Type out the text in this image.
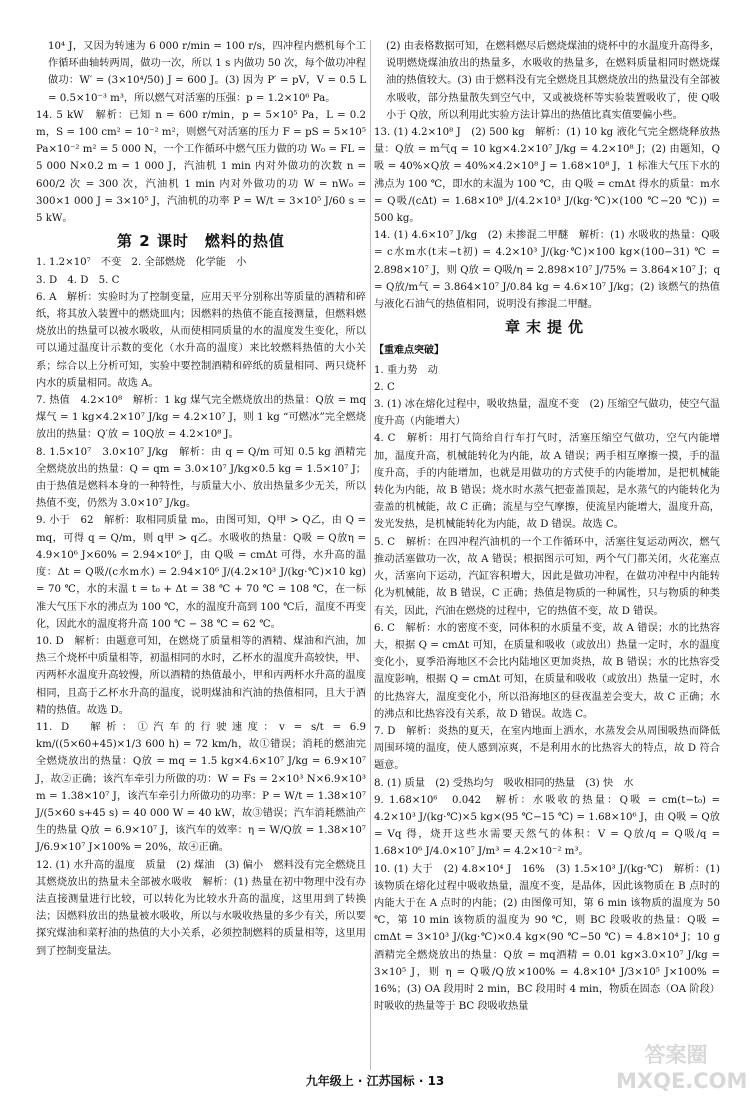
10⁴ J，又因为转速为 6 000 r/min = 100 r/s，四冲程内燃机每个工作循环曲轴转两周，做功一次，所以 1 s 内做功 50 次，每个做功冲程做功：W′ = (3×10⁴/50) J = 600 J。(3) 因为 P′ = pV，V = 0.5 L = 0.5×10⁻³ m³，所以燃气对活塞的压强：p = 1.2×10⁶ Pa。

14. 5 kW　解析：已知 n = 600 r/min，p = 5×10⁵ Pa，L = 0.2 m，S = 100 cm² = 10⁻² m²，则燃气对活塞的压力 F = pS = 5×10⁵ Pa×10⁻² m² = 5 000 N，一个工作循环中燃气压力做的功 W₀ = FL = 5 000 N×0.2 m = 1 000 J，汽油机 1 min 内对外做功的次数 n = 600/2 次 = 300 次，汽油机 1 min 内对外做功的功 W = nW₀ = 300×1 000 J = 3×10⁵ J，汽油机的功率 P = W/t = 3×10⁵ J/60 s = 5 kW。

第 2 课时　燃料的热值

1. 1.2×10⁷　不变　2. 全部燃烧　化学能　小

3. D　4. D　5. C

6. A　解析：实验时为了控制变量，应用天平分别称出等质量的酒精和碎纸，将其放入装置中的燃烧皿内；因燃料的热值不能直接测量，但燃料燃烧放出的热量可以被水吸收，从而使相同质量的水的温度发生变化，所以可以通过温度计示数的变化（水升高的温度）来比较燃料热值的大小关系；综合以上分析可知，实验中要控制酒精和碎纸的质量相同、两只烧杯内水的质量相同。故选 A。

7. 热值　4.2×10⁸　解析：1 kg 煤气完全燃烧放出的热量：Q放 = mq煤气 = 1 kg×4.2×10⁷ J/kg = 4.2×10⁷ J，则 1 kg “可燃冰”完全燃烧放出的热量：Q′放 = 10Q放 = 4.2×10⁸ J。

8. 1.5×10⁷　3.0×10⁷ J/kg　解析：由 q = Q/m 可知 0.5 kg 酒精完全燃烧放出的热量：Q = qm = 3.0×10⁷ J/kg×0.5 kg = 1.5×10⁷ J；由于热值是燃料本身的一种特性，与质量大小、放出热量多少无关，所以热值不变，仍然为 3.0×10⁷ J/kg。

9. 小于　62　解析：取相同质量 m₀，由图可知，Q甲 > Q乙，由 Q = mq，可得 q = Q/m，则 q甲 > q乙。水吸收的热量：Q吸 = Q放η = 4.9×10⁶ J×60% = 2.94×10⁶ J，由 Q吸 = cmΔt 可得，水升高的温度：Δt = Q吸/(c水m水) = 2.94×10⁶ J/(4.2×10³ J/(kg·℃)×10 kg) = 70 ℃，水的末温 t = t₀ + Δt = 38 ℃ + 70 ℃ = 108 ℃，在一标准大气压下水的沸点为 100 ℃，水的温度升高到 100 ℃后，温度不再变化，因此水的温度将升高 100 ℃ − 38 ℃ = 62 ℃。

10. D　解析：由题意可知，在燃烧了质量相等的酒精、煤油和汽油，加热三个烧杯中质量相等，初温相同的水时，乙杯水的温度升高较快，甲、丙两杯水温度升高较慢，所以酒精的热值最小，甲和丙两杯水升高的温度相同，且高于乙杯水升高的温度，说明煤油和汽油的热值相同，且大于酒精的热值。故选 D。

11. D　解析：①汽车的行驶速度：v = s/t = 6.9 km/((5×60+45)×1/3 600 h) = 72 km/h，故①错误；消耗的燃油完全燃烧放出的热量：Q放 = mq = 1.5 kg×4.6×10⁷ J/kg = 6.9×10⁷ J，故②正确；该汽车牵引力所做的功：W = Fs = 2×10³ N×6.9×10³ m = 1.38×10⁷ J，该汽车牵引力所做功的功率：P = W/t = 1.38×10⁷ J/(5×60 s+45 s) = 40 000 W = 40 kW，故③错误；汽车消耗燃油产生的热量 Q放 = 6.9×10⁷ J，该汽车的效率：η = W/Q放 = 1.38×10⁷ J/6.9×10⁷ J×100% = 20%，故④正确。

12. (1) 水升高的温度　质量　(2) 煤油　(3) 偏小　燃料没有完全燃烧且其燃烧放出的热量未全部被水吸收　解析：(1) 热量在初中物理中没有办法直接测量进行比较，可以转化为比较水升高的温度，这里用到了转换法；因燃料放出的热量被水吸收，所以与水吸收热量的多少有关，所以要探究煤油和菜籽油的热值的大小关系，必须控制燃料的质量相等，这里用到了控制变量法。

(2) 由表格数据可知，在燃料燃尽后燃烧煤油的烧杯中的水温度升高得多，说明燃烧煤油放出的热量多，水吸收的热量多，在燃料质量相同时燃烧煤油的热值较大。(3) 由于燃料没有完全燃烧且其燃烧放出的热量没有全部被水吸收，部分热量散失到空气中，又或被烧杯等实验装置吸收了，使 Q吸 小于 Q放，所以利用此实验方法计算出的热值比真实值要偏小些。

13. (1) 4.2×10⁸ J　(2) 500 kg　解析：(1) 10 kg 液化气完全燃烧释放热量：Q放 = m气q = 10 kg×4.2×10⁷ J/kg = 4.2×10⁸ J；(2) 由题知，Q吸 = 40%×Q放 = 40%×4.2×10⁸ J = 1.68×10⁸ J，1 标准大气压下水的沸点为 100 ℃，即水的末温为 100 ℃，由 Q吸 = cmΔt 得水的质量：m水 = Q吸/(cΔt) = 1.68×10⁸ J/(4.2×10³ J/(kg·℃)×(100 ℃−20 ℃)) = 500 kg。

14. (1) 4.6×10⁷ J/kg　(2) 未掺混二甲醚　解析：(1) 水吸收的热量：Q吸 = c水m水(t末−t初) = 4.2×10³ J/(kg·℃)×100 kg×(100−31) ℃ = 2.898×10⁷ J，则 Q放 = Q吸/η = 2.898×10⁷ J/75% = 3.864×10⁷ J；q = Q放/m气 = 3.864×10⁷ J/0.84 kg = 4.6×10⁷ J/kg；(2) 该燃气的热值与液化石油气的热值相同，说明没有掺混二甲醚。

章末提优
【重难点突破】

1. 重力势　动

2. C

3. (1) 冰在熔化过程中，吸收热量，温度不变　(2) 压缩空气做功，使空气温度升高（内能增大）

4. C　解析：用打气筒给自行车打气时，活塞压缩空气做功，空气内能增加，温度升高，机械能转化为内能，故 A 错误；两手相互摩擦一摸，手的温度升高，手的内能增加，也就是用做功的方式使手的内能增加，是把机械能转化为内能，故 B 错误；烧水时水蒸气把壶盖顶起，是水蒸气的内能转化为壶盖的机械能，故 C 正确；流星与空气摩擦，使流星内能增大，温度升高，发光发热，是机械能转化为内能，故 D 错误。故选 C。

5. C　解析：在四冲程汽油机的一个工作循环中，活塞往复运动两次，燃气推动活塞做功一次，故 A 错误；根据图示可知，两个气门都关闭，火花塞点火，活塞向下运动，汽缸容积增大，因此是做功冲程，在做功冲程中内能转化为机械能，故 B 错误，C 正确；热值是物质的一种属性，只与物质的种类有关，因此，汽油在燃烧的过程中，它的热值不变，故 D 错误。

6. C　解析：水的密度不变，同体积的水质量不变，故 A 错误；水的比热容大，根据 Q = cmΔt 可知，在质量和吸收（或放出）热量一定时，水的温度变化小，夏季沿海地区不会比内陆地区更加炎热，故 B 错误；水的比热容受温度影响，根据 Q = cmΔt 可知，在质量和吸收（或放出）热量一定时，水的比热容大，温度变化小，所以沿海地区的昼夜温差会变大，故 C 正确；水的沸点和比热容没有关系，故 D 错误。故选 C。

7. D　解析：炎热的夏天，在室内地面上洒水，水蒸发会从周围吸热而降低周围环境的温度，使人感到凉爽，不是利用水的比热容大的特点，故 D 符合题意。

8. (1) 质量　(2) 受热均匀　吸收相同的热量　(3) 快　水

9. 1.68×10⁶　0.042　解析：水吸收的热量：Q吸 = cm(t−t₀) = 4.2×10³ J/(kg·℃)×5 kg×(95 ℃−15 ℃) = 1.68×10⁶ J，由 Q吸 = Q放 = Vq 得，烧开这些水需要天然气的体积：V = Q放/q = Q吸/q = 1.68×10⁶ J/4.0×10⁷ J/m³ = 4.2×10⁻² m³。

10. (1) 大于　(2) 4.8×10⁴ J　16%　(3) 1.5×10³ J/(kg·℃)　解析：(1) 该物质在熔化过程中吸收热量，温度不变，是晶体，因此该物质在 B 点时的内能大于在 A 点时的内能；(2) 由图像可知，第 6 min 该物质的温度为 50 ℃，第 10 min 该物质的温度为 90 ℃，则 BC 段吸收的热量：Q吸 = cmΔt = 3×10³ J/(kg·℃)×0.4 kg×(90 ℃−50 ℃) = 4.8×10⁴ J；10 g 酒精完全燃烧放出的热量：Q放 = mq酒精 = 0.01 kg×3.0×10⁷ J/kg = 3×10⁵ J，则 η = Q吸/Q放×100% = 4.8×10⁴ J/3×10⁵ J×100% = 16%；(3) OA 段用时 2 min，BC 段用时 4 min，物质在固态（OA 阶段）时吸收的热量等于 BC 段吸收热量

九年级上 · 江苏国标 · 13
答案圈
MXQE.COM
